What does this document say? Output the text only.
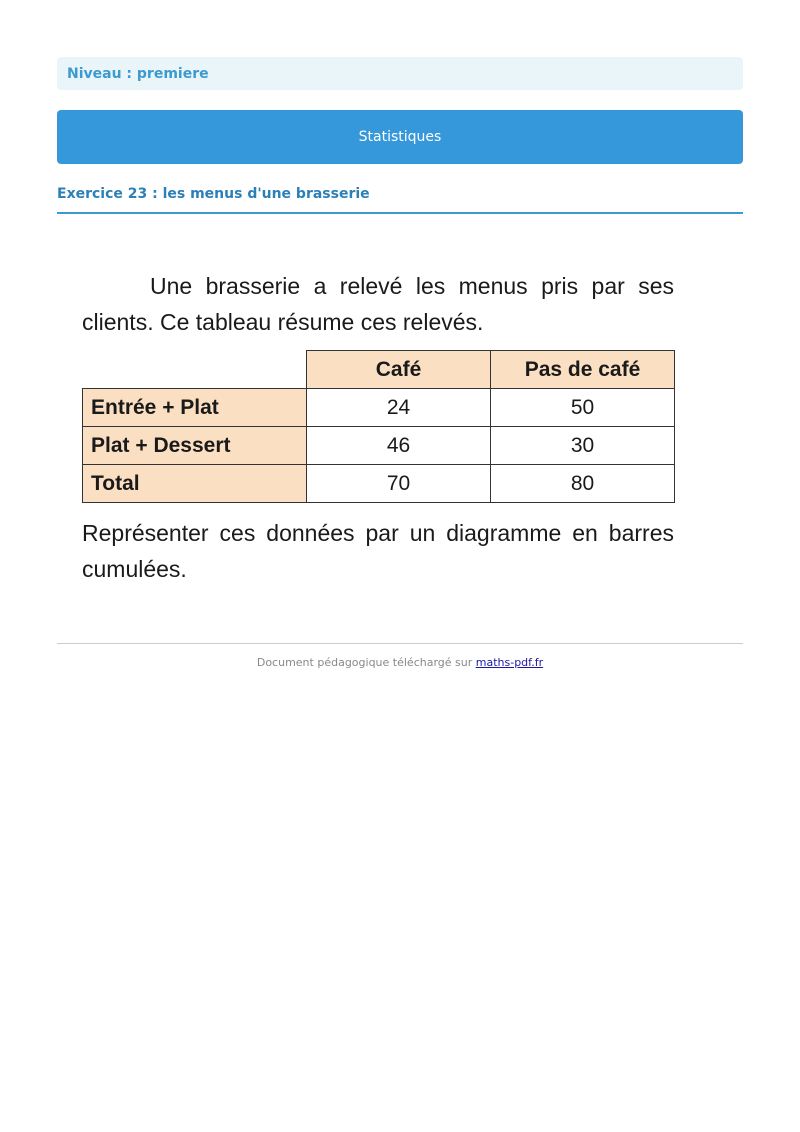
Niveau : premiere
Statistiques
Exercice 23 : les menus d'une brasserie

Une brasserie a relevé les menus pris par ses clients. Ce tableau résume ces relevés.

	Café	Pas de café
Entrée + Plat	24	50
Plat + Dessert	46	30
Total	70	80

Représenter ces données par un diagramme en barres cumulées.

Document pédagogique téléchargé sur maths-pdf.fr
